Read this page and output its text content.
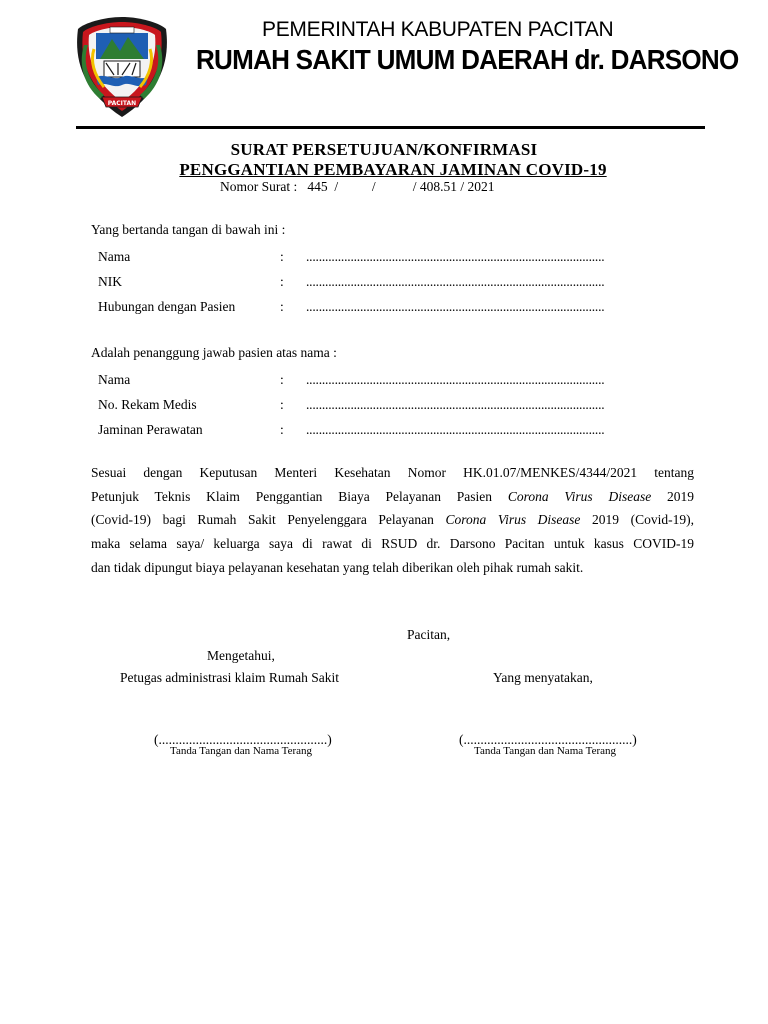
PACITAN
PEMERINTAH KABUPATEN PACITAN
RUMAH SAKIT UMUM DAERAH dr. DARSONO
SURAT PERSETUJUAN/KONFIRMASI
PENGGANTIAN PEMBAYARAN JAMINAN COVID-19
Nomor Surat :   445  /          /           / 408.51 / 2021
Yang bertanda tangan di bawah ini :
Nama	: ..............................................................................................
NIK	: ..............................................................................................
Hubungan dengan Pasien	: ..............................................................................................
Adalah penanggung jawab pasien atas nama :
Nama	: ..............................................................................................
No. Rekam Medis	: ..............................................................................................
Jaminan Perawatan	: ..............................................................................................
Sesuai dengan Keputusan Menteri Kesehatan Nomor HK.01.07/MENKES/4344/2021 tentang
Petunjuk Teknis Klaim Penggantian Biaya Pelayanan Pasien Corona Virus Disease 2019
(Covid-19) bagi Rumah Sakit Penyelenggara Pelayanan Corona Virus Disease 2019 (Covid-19),
maka selama saya/ keluarga saya di rawat di RSUD dr. Darsono Pacitan untuk kasus COVID-19
dan tidak dipungut biaya pelayanan kesehatan yang telah diberikan oleh pihak rumah sakit.
Pacitan,
Mengetahui,
Petugas administrasi klaim Rumah Sakit	Yang menyatakan,
(..................................................)	(..................................................)
Tanda Tangan dan Nama Terang	Tanda Tangan dan Nama Terang
